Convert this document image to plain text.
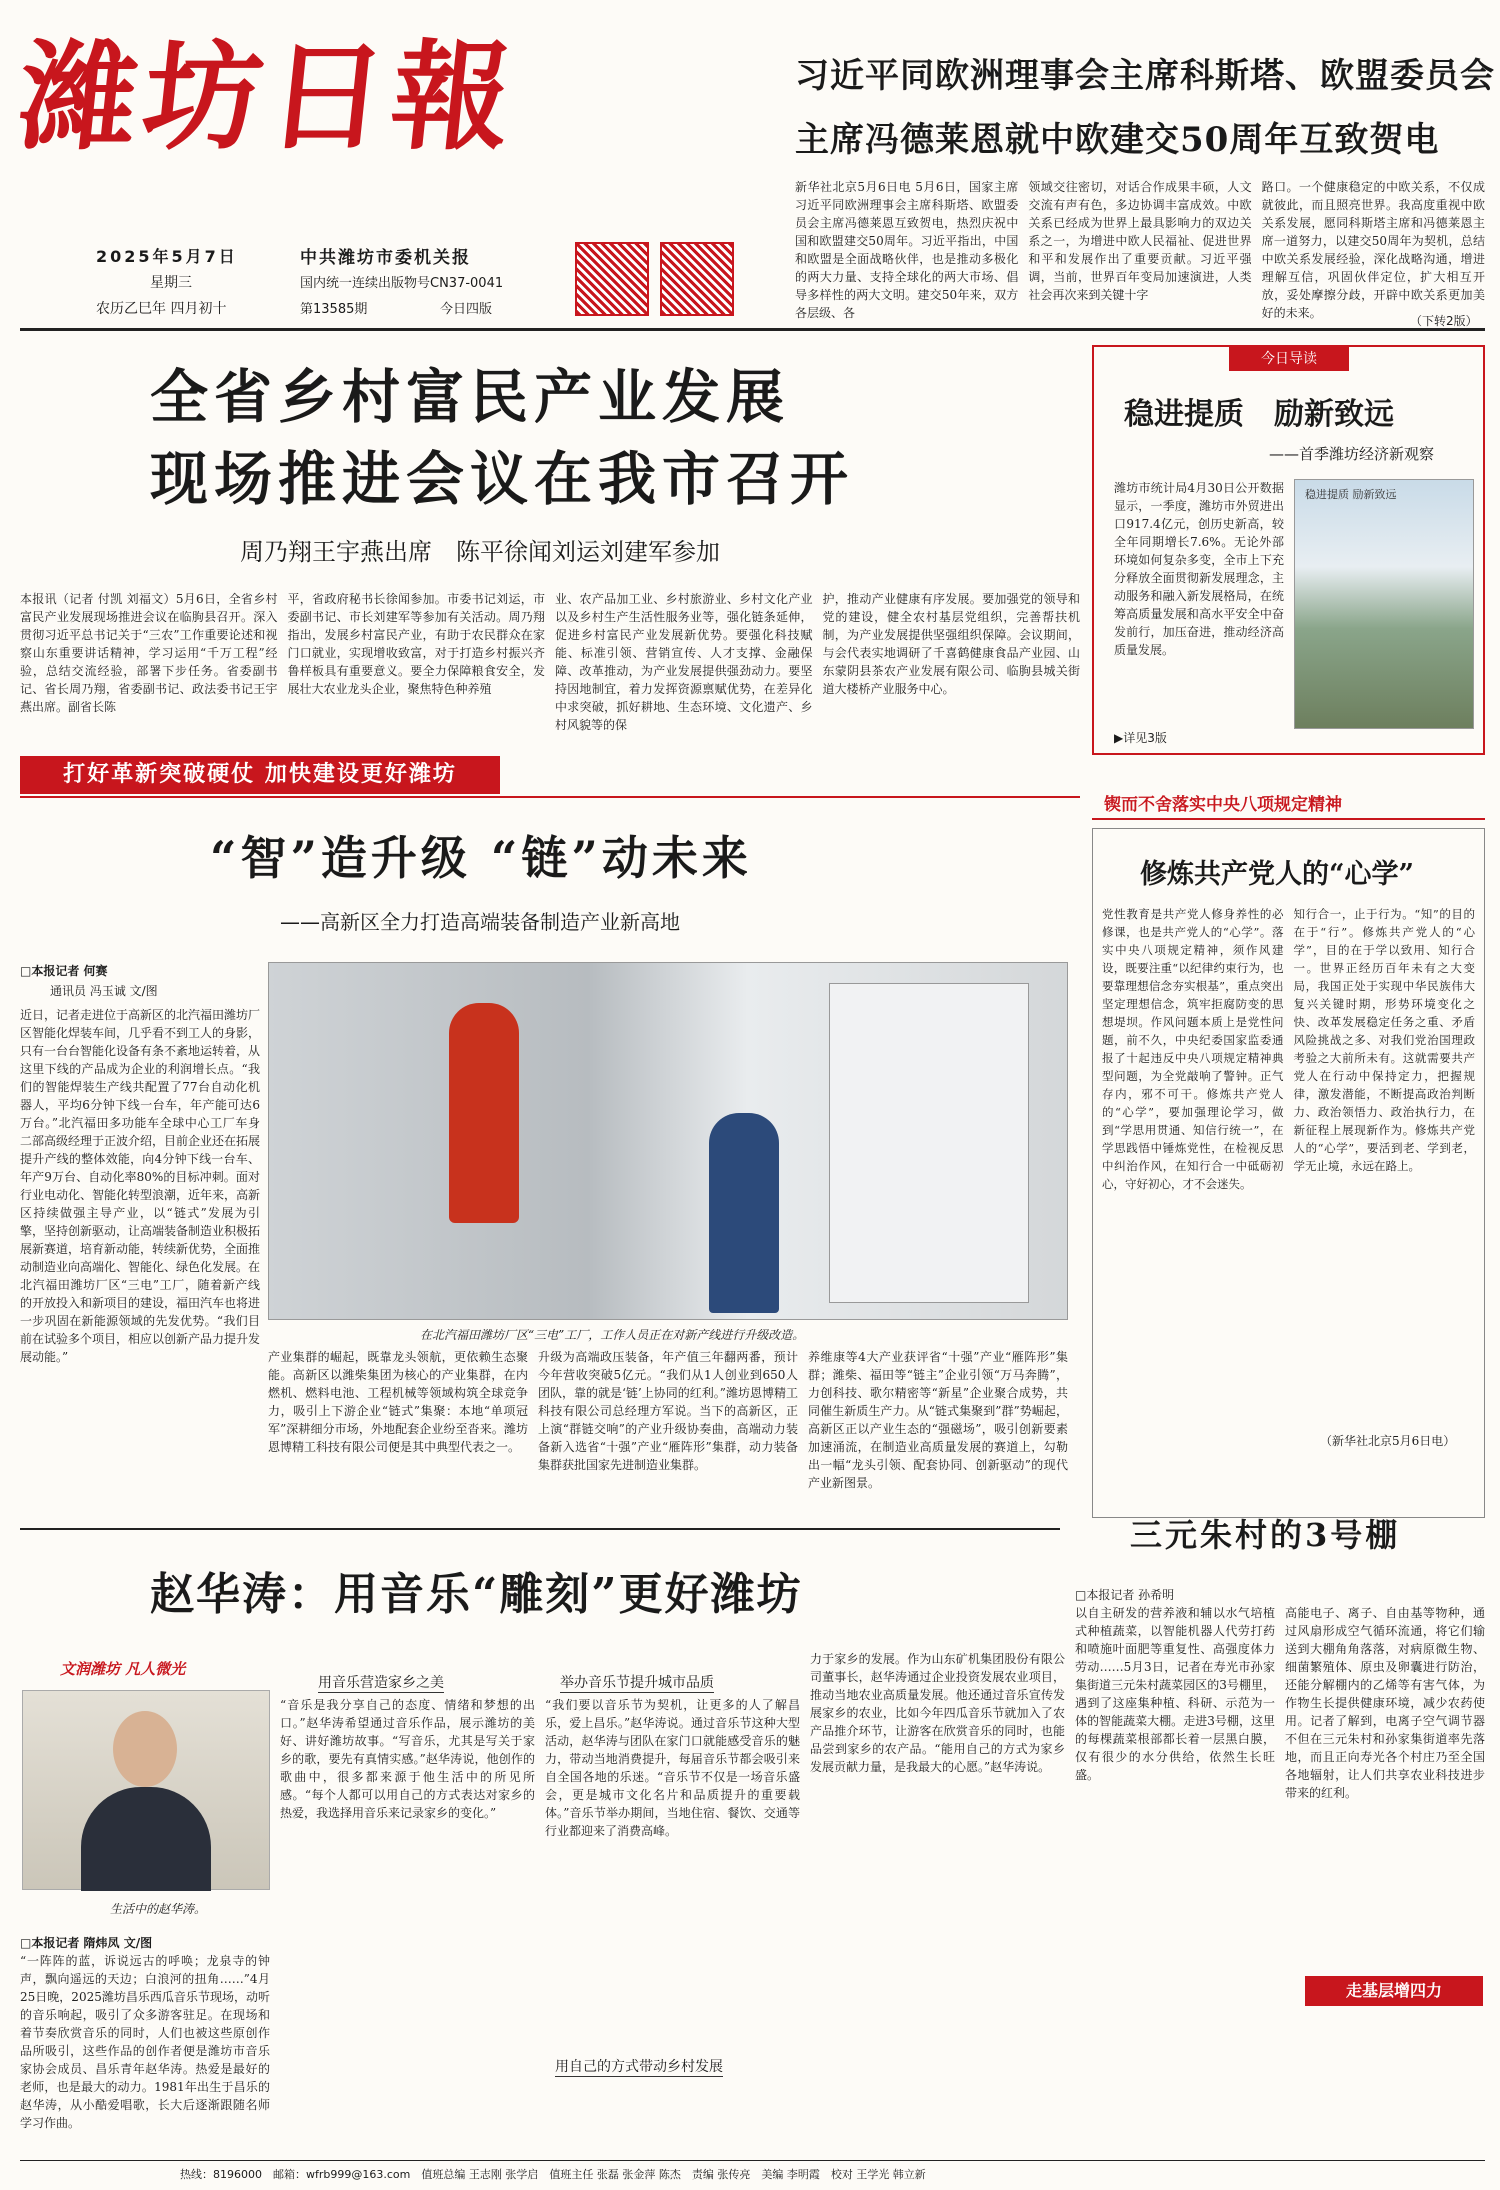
濰坊日報
2025年5月7日
星期三
农历乙巳年 四月初十
中共潍坊市委机关报
国内统一连续出版物号CN37-0041
第13585期	今日四版
习近平同欧洲理事会主席科斯塔、欧盟委员会
主席冯德莱恩就中欧建交50周年互致贺电
新华社北京5月6日电 5月6日，国家主席习近平同欧洲理事会主席科斯塔、欧盟委员会主席冯德莱恩互致贺电，热烈庆祝中国和欧盟建交50周年。习近平指出，中国和欧盟是全面战略伙伴，也是推动多极化的两大力量、支持全球化的两大市场、倡导多样性的两大文明。建交50年来，双方各层级、各
领域交往密切，对话合作成果丰硕，人文交流有声有色，多边协调丰富成效。中欧关系已经成为世界上最具影响力的双边关系之一，为增进中欧人民福祉、促进世界和平和发展作出了重要贡献。习近平强调，当前，世界百年变局加速演进，人类社会再次来到关键十字
路口。一个健康稳定的中欧关系，不仅成就彼此，而且照亮世界。我高度重视中欧关系发展，愿同科斯塔主席和冯德莱恩主席一道努力，以建交50周年为契机，总结中欧关系发展经验，深化战略沟通，增进理解互信，巩固伙伴定位，扩大相互开放，妥处摩擦分歧，开辟中欧关系更加美好的未来。
（下转2版）
全省乡村富民产业发展
现场推进会议在我市召开
周乃翔王宇燕出席　陈平徐闻刘运刘建军参加
本报讯（记者 付凯 刘福文）5月6日，全省乡村富民产业发展现场推进会议在临朐县召开。深入贯彻习近平总书记关于“三农”工作重要论述和视察山东重要讲话精神，学习运用“千万工程”经验，总结交流经验，部署下步任务。省委副书记、省长周乃翔，省委副书记、政法委书记王宇燕出席。副省长陈
平，省政府秘书长徐闻参加。市委书记刘运，市委副书记、市长刘建军等参加有关活动。周乃翔指出，发展乡村富民产业，有助于农民群众在家门口就业，实现增收致富，对于打造乡村振兴齐鲁样板具有重要意义。要全力保障粮食安全，发展壮大农业龙头企业，聚焦特色种养殖
业、农产品加工业、乡村旅游业、乡村文化产业以及乡村生产生活性服务业等，强化链条延伸，促进乡村富民产业发展新优势。要强化科技赋能、标准引领、营销宣传、人才支撑、金融保障、改革推动，为产业发展提供强劲动力。要坚持因地制宜，着力发挥资源禀赋优势，在差异化中求突破，抓好耕地、生态环境、文化遗产、乡村风貌等的保
护，推动产业健康有序发展。要加强党的领导和党的建设，健全农村基层党组织，完善帮扶机制，为产业发展提供坚强组织保障。会议期间，与会代表实地调研了千喜鹤健康食品产业园、山东蒙阴县茶农产业发展有限公司、临朐县城关街道大楼桥产业服务中心。
今日导读
稳进提质　励新致远
——首季潍坊经济新观察
潍坊市统计局4月30日公开数据显示，一季度，潍坊市外贸进出口917.4亿元，创历史新高，较全年同期增长7.6%。无论外部环境如何复杂多变，全市上下充分释放全面贯彻新发展理念，主动服务和融入新发展格局，在统筹高质量发展和高水平安全中奋发前行，加压奋进，推动经济高质量发展。
稳进提质 励新致远
▶详见3版
打好革新突破硬仗 加快建设更好潍坊
“智”造升级 “链”动未来
——高新区全力打造高端装备制造产业新高地
□本报记者 何赛
通讯员 冯玉诚 文/图
近日，记者走进位于高新区的北汽福田潍坊厂区智能化焊装车间，几乎看不到工人的身影，只有一台台智能化设备有条不紊地运转着，从这里下线的产品成为企业的利润增长点。“我们的智能焊装生产线共配置了77台自动化机器人，平均6分钟下线一台车，年产能可达6万台。”北汽福田多功能车全球中心工厂车身二部高级经理于正波介绍，目前企业还在拓展提升产线的整体效能，向4分钟下线一台车、年产9万台、自动化率80%的目标冲刺。面对行业电动化、智能化转型浪潮，近年来，高新区持续做强主导产业，以“链式”发展为引擎，坚持创新驱动，让高端装备制造业积极拓展新赛道，培育新动能，转续新优势，全面推动制造业向高端化、智能化、绿色化发展。在北汽福田潍坊厂区“三电”工厂，随着新产线的开放投入和新项目的建设，福田汽车也将进一步巩固在新能源领域的先发优势。“我们目前在试验多个项目，相应以创新产品力提升发展动能。”
在北汽福田潍坊厂区“三电”工厂，工作人员正在对新产线进行升级改造。
产业集群的崛起，既靠龙头领航，更依赖生态聚能。高新区以潍柴集团为核心的产业集群，在内燃机、燃料电池、工程机械等领域构筑全球竞争力，吸引上下游企业“链式”集聚：本地“单项冠军”深耕细分市场，外地配套企业纷至沓来。潍坊恩博精工科技有限公司便是其中典型代表之一。
升级为高端政压装备，年产值三年翻两番，预计今年营收突破5亿元。“我们从1人创业到650人团队，靠的就是‘链’上协同的红利。”潍坊恩博精工科技有限公司总经理方军说。当下的高新区，正上演“群链交响”的产业升级协奏曲，高端动力装备新入选省“十强”产业“雁阵形”集群，动力装备集群获批国家先进制造业集群。
养维康等4大产业获评省“十强”产业“雁阵形”集群；潍柴、福田等“链主”企业引领“万马奔腾”，力创科技、歌尔精密等“新星”企业聚合成势，共同催生新质生产力。从“链式集聚到”群”势崛起，高新区正以产业生态的“强磁场”，吸引创新要素加速涌流，在制造业高质量发展的赛道上，勾勒出一幅“龙头引领、配套协同、创新驱动”的现代产业新图景。
锲而不舍落实中央八项规定精神
修炼共产党人的“心学”
党性教育是共产党人修身养性的必修课，也是共产党人的“心学”。落实中央八项规定精神，须作风建设，既要注重“以纪律约束行为，也要靠理想信念夯实根基”，重点突出坚定理想信念，筑牢拒腐防变的思想堤坝。作风问题本质上是党性问题，前不久，中央纪委国家监委通报了十起违反中央八项规定精神典型问题，为全党敲响了警钟。正气存内，邪不可干。修炼共产党人的“心学”，要加强理论学习，做到“学思用贯通、知信行统一”，在学思践悟中锤炼党性，在检视反思中纠治作风，在知行合一中砥砺初心，守好初心，才不会迷失。
知行合一，止于行为。“知”的目的在于“行”。修炼共产党人的“心学”，目的在于学以致用、知行合一。世界正经历百年未有之大变局，我国正处于实现中华民族伟大复兴关键时期，形势环境变化之快、改革发展稳定任务之重、矛盾风险挑战之多、对我们党治国理政考验之大前所未有。这就需要共产党人在行动中保持定力，把握规律，激发潜能，不断提高政治判断力、政治领悟力、政治执行力，在新征程上展现新作为。修炼共产党人的“心学”，要活到老、学到老，学无止境，永远在路上。
（新华社北京5月6日电）
三元朱村的3号棚
□本报记者 孙希明
以自主研发的营养液和辅以水气培植式种植蔬菜，以智能机器人代劳打药和喷施叶面肥等重复性、高强度体力劳动……5月3日，记者在寿光市孙家集街道三元朱村蔬菜园区的3号棚里，遇到了这座集种植、科研、示范为一体的智能蔬菜大棚。走进3号棚，这里的每棵蔬菜根部都长着一层黑白膜，仅有很少的水分供给，依然生长旺盛。
高能电子、离子、自由基等物种，通过风扇形成空气循环流通，将它们输送到大棚角角落落，对病原微生物、细菌繁殖体、原虫及卵囊进行防治，还能分解棚内的乙烯等有害气体，为作物生长提供健康环境，减少农药使用。记者了解到，电离子空气调节器不但在三元朱村和孙家集街道率先落地，而且正向寿光各个村庄乃至全国各地辐射，让人们共享农业科技进步带来的红利。
走基层增四力
赵华涛：用音乐“雕刻”更好潍坊
文润潍坊 凡人微光
生活中的赵华涛。
□本报记者 隋炜凤 文/图
用音乐营造家乡之美	举办音乐节提升城市品质
用自己的方式带动乡村发展
“一阵阵的蓝，诉说远古的呼唤；龙泉寺的钟声，飘向遥远的天边；白浪河的扭角……”4月25日晚，2025潍坊昌乐西瓜音乐节现场，动听的音乐响起，吸引了众多游客驻足。在现场和着节奏欣赏音乐的同时，人们也被这些原创作品所吸引，这些作品的创作者便是潍坊市音乐家协会成员、昌乐青年赵华涛。热爱是最好的老师，也是最大的动力。1981年出生于昌乐的赵华涛，从小酷爱唱歌，长大后逐渐跟随名师学习作曲。
“音乐是我分享自己的态度、情绪和梦想的出口。”赵华涛希望通过音乐作品，展示潍坊的美好、讲好潍坊故事。“写音乐，尤其是写关于家乡的歌，要先有真情实感。”赵华涛说，他创作的歌曲中，很多都来源于他生活中的所见所感。“每个人都可以用自己的方式表达对家乡的热爱，我选择用音乐来记录家乡的变化。”
“我们要以音乐节为契机，让更多的人了解昌乐，爱上昌乐。”赵华涛说。通过音乐节这种大型活动，赵华涛与团队在家门口就能感受音乐的魅力，带动当地消费提升，每届音乐节都会吸引来自全国各地的乐迷。“音乐节不仅是一场音乐盛会，更是城市文化名片和品质提升的重要载体。”音乐节举办期间，当地住宿、餐饮、交通等行业都迎来了消费高峰。
力于家乡的发展。作为山东矿机集团股份有限公司董事长，赵华涛通过企业投资发展农业项目，推动当地农业高质量发展。他还通过音乐宣传发展家乡的农业，比如今年四瓜音乐节就加入了农产品推介环节，让游客在欣赏音乐的同时，也能品尝到家乡的农产品。“能用自己的方式为家乡发展贡献力量，是我最大的心愿。”赵华涛说。
热线：8196000　邮箱：wfrb999@163.com　值班总编 王志刚 张学启　值班主任 张磊 张金萍 陈杰　责编 张传亮　美编 李明霞　校对 王学光 韩立新
